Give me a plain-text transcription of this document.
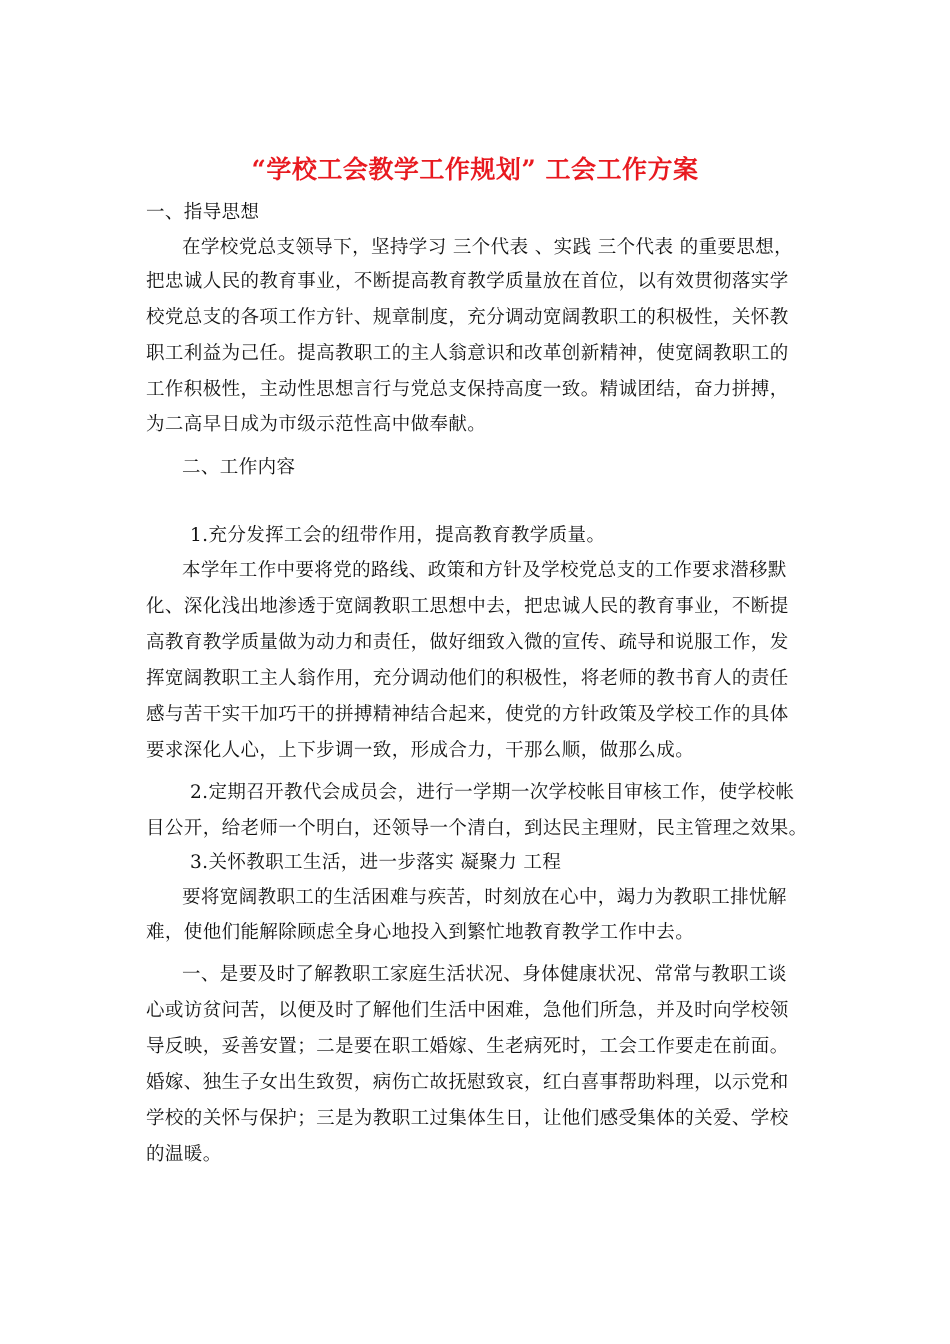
“学校工会教学工作规划” 工会工作方案
一、指导思想
在学校党总支领导下，坚持学习 三个代表 、实践 三个代表 的重要思想，
把忠诚人民的教育事业，不断提高教育教学质量放在首位，以有效贯彻落实学
校党总支的各项工作方针、规章制度，充分调动宽阔教职工的积极性，关怀教
职工利益为己任。提高教职工的主人翁意识和改革创新精神，使宽阔教职工的
工作积极性，主动性思想言行与党总支保持高度一致。精诚团结，奋力拼搏，
为二高早日成为市级示范性高中做奉献。
二、工作内容
1.充分发挥工会的纽带作用，提高教育教学质量。
本学年工作中要将党的路线、政策和方针及学校党总支的工作要求潜移默
化、深化浅出地渗透于宽阔教职工思想中去，把忠诚人民的教育事业，不断提
高教育教学质量做为动力和责任，做好细致入微的宣传、疏导和说服工作，发
挥宽阔教职工主人翁作用，充分调动他们的积极性，将老师的教书育人的责任
感与苦干实干加巧干的拼搏精神结合起来，使党的方针政策及学校工作的具体
要求深化人心，上下步调一致，形成合力，干那么顺，做那么成。
2.定期召开教代会成员会，进行一学期一次学校帐目审核工作，使学校帐
目公开，给老师一个明白，还领导一个清白，到达民主理财，民主管理之效果。
3.关怀教职工生活，进一步落实 凝聚力 工程
要将宽阔教职工的生活困难与疾苦，时刻放在心中，竭力为教职工排忧解
难，使他们能解除顾虑全身心地投入到繁忙地教育教学工作中去。
一、是要及时了解教职工家庭生活状况、身体健康状况、常常与教职工谈
心或访贫问苦，以便及时了解他们生活中困难，急他们所急，并及时向学校领
导反映，妥善安置；二是要在职工婚嫁、生老病死时，工会工作要走在前面。
婚嫁、独生子女出生致贺，病伤亡故抚慰致哀，红白喜事帮助料理，以示党和
学校的关怀与保护；三是为教职工过集体生日，让他们感受集体的关爱、学校
的温暖。
